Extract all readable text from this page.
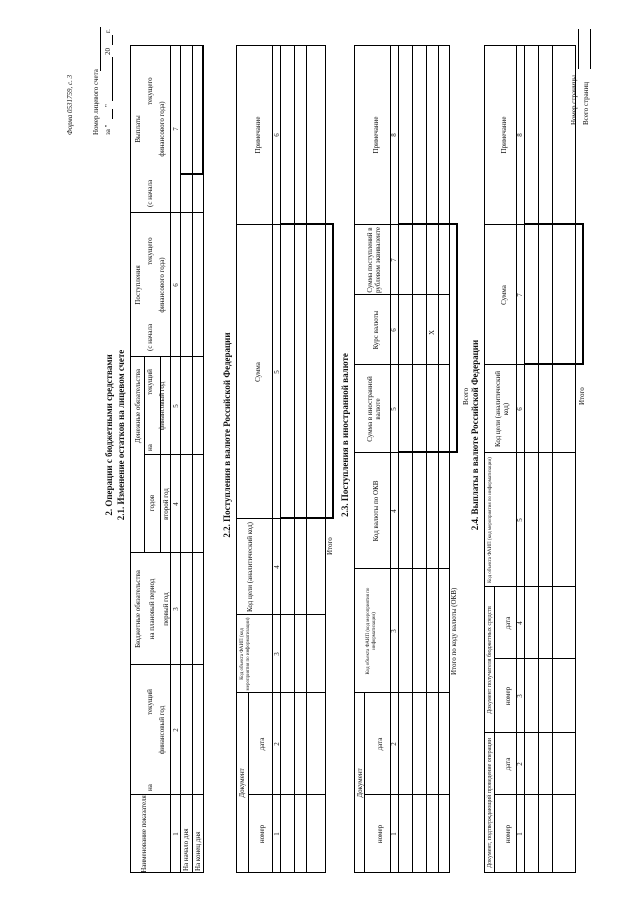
Форма 0531759, с. 3	Номер лицевого счета за "
"
20
г.
Номер страницы Всего страниц
2. Операции с бюджетными средствами 2.1. Изменение остатков на лицевом счете
Наименование показателя
на
текущий
финансовый год
Бюджетные обязательства на плановый период
годов
первый год
второй год
Денежные обязательства
на
текущий финансовый год
Поступления
(с начала
текущего
финансового года)
Выплаты
(с начала
текущего
финансового года)
1
2
3
4
5
6
7
На начало дня На конец дня
2.2. Поступления в валюте Российской Федерации
Документ
номер
дата
Код объекта ФАИП (код мероприятия по информатизации)
Код цели (аналитический код)
Сумма
Примечание
1
2
3
4
5
6
Итого
2.3. Поступления в иностранной валюте
Документ
номер
дата
Код объекта ФАИП (код мероприятия по информатизации)
Код валюты по ОКВ
Сумма в иностранной валюте
Курс валюты
Сумма поступлений в рублевом эквиваленте
Примечание
1
2
3
4
5
6
7
8
Итого по коду валюты (ОКВ)
X
Всего 2.4. Выплаты в валюте Российской Федерации
Документ, подтверждающий проведение операции номер
дата
Документ получателя бюджетных средств номер
дата
Код объекта ФАИП (код мероприятия по информатизации)
Код цели (аналитический код)
Сумма
Примечание
1
2
3
4
5
6
7
8
Итого
